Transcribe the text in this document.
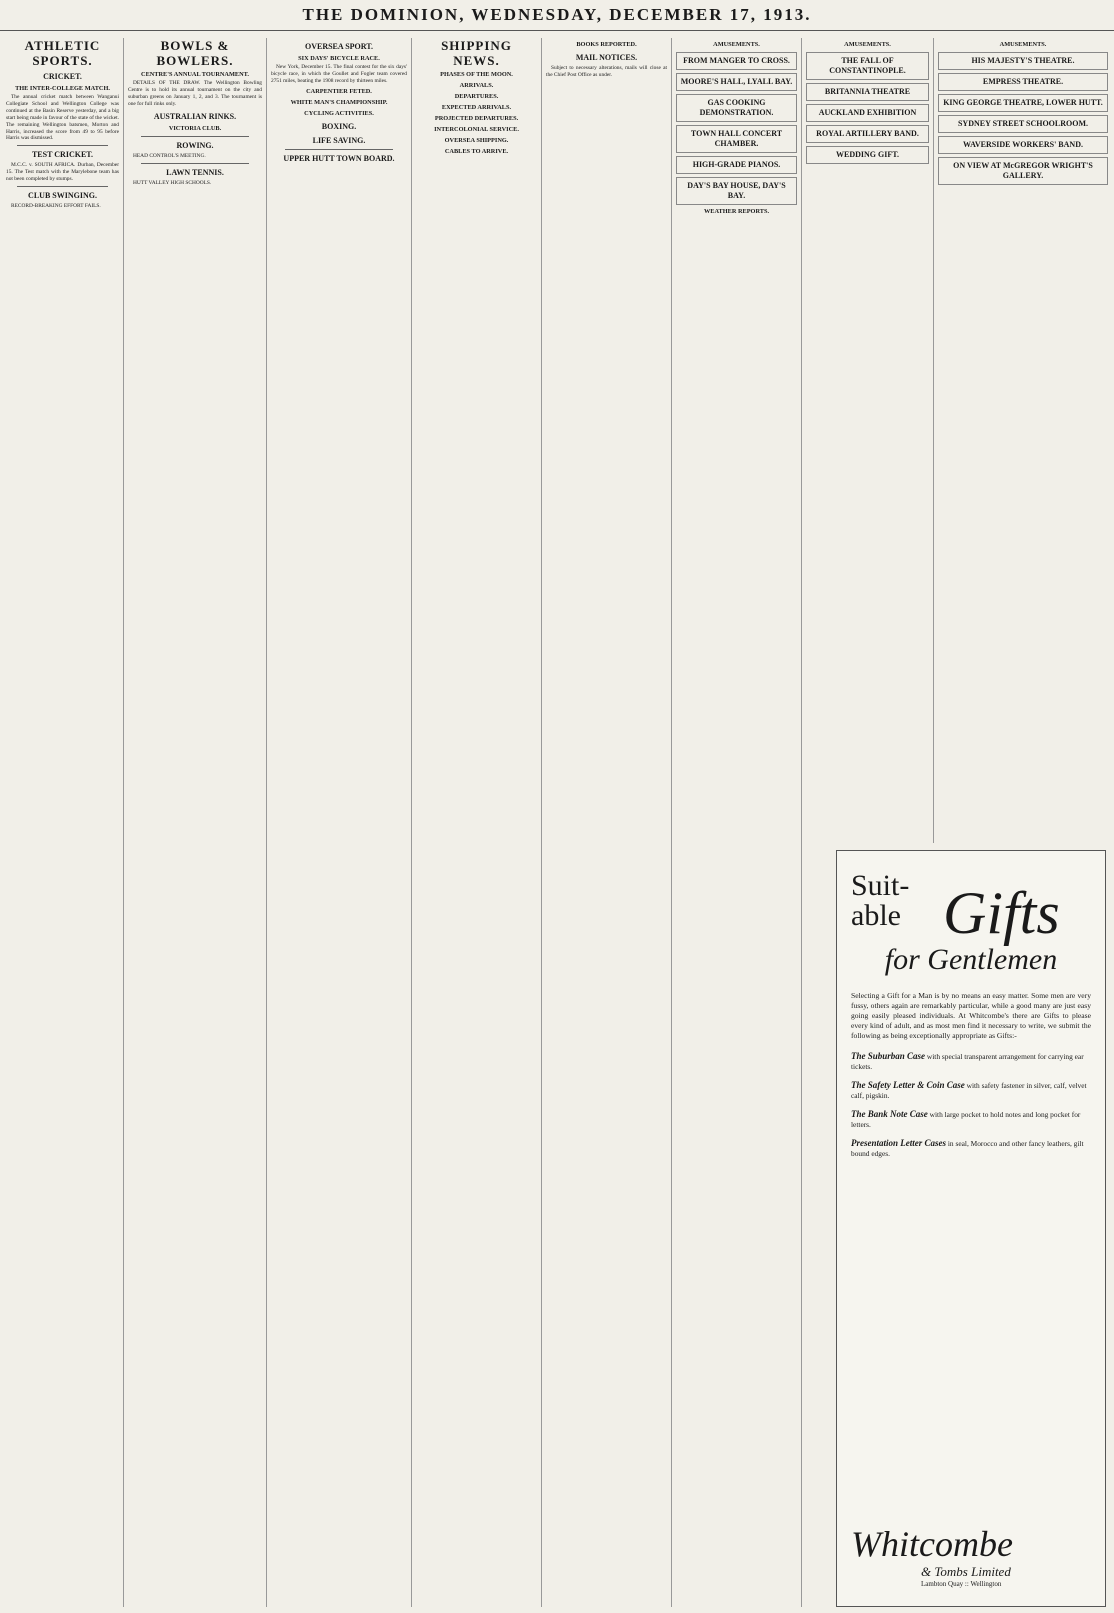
THE DOMINION, WEDNESDAY, DECEMBER 17, 1913.
ATHLETIC SPORTS.
CRICKET.
THE INTER-COLLEGE MATCH.

The annual cricket match between Wanganui Collegiate School and Wellington College was continued at the Basin Reserve yesterday, and a big start being made in favour of the state of the wicket. The remaining Wellington batsmen, Morton and Harris, increased the score from 49 to 95 before Harris was dismissed.

TEST CRICKET.

M.C.C. v. SOUTH AFRICA. Durban, December 15. The Test match with the Marylebone team has not been completed by stumps.

CLUB SWINGING.

RECORD-BREAKING EFFORT FAILS.

BOWLS & BOWLERS.
CENTRE'S ANNUAL TOURNAMENT.

DETAILS OF THE DRAW. The Wellington Bowling Centre is to hold its annual tournament on the city and suburban greens on January 1, 2, and 3. The tournament is one for full rinks only.

AUSTRALIAN RINKS.
VICTORIA CLUB.
ROWING.

HEAD CONTROL'S MEETING.

LAWN TENNIS.

HUTT VALLEY HIGH SCHOOLS.

OVERSEA SPORT.
SIX DAYS' BICYCLE RACE.

New York, December 15. The final contest for the six days' bicycle race, in which the Goullet and Fogler team covered 2751 miles, beating the 1908 record by thirteen miles.

CARPENTIER FETED.
WHITE MAN'S CHAMPIONSHIP.
CYCLING ACTIVITIES.
BOXING.
LIFE SAVING.
UPPER HUTT TOWN BOARD.
SHIPPING NEWS.
PHASES OF THE MOON.
ARRIVALS.
DEPARTURES.
EXPECTED ARRIVALS.
PROJECTED DEPARTURES.
INTERCOLONIAL SERVICE.
OVERSEA SHIPPING.
CABLES TO ARRIVE.
BOOKS REPORTED.
MAIL NOTICES.

Subject to necessary alterations, mails will close at the Chief Post Office as under.

AMUSEMENTS.
FROM MANGER TO CROSS.
MOORE'S HALL, LYALL BAY.
GAS COOKING DEMONSTRATION.
TOWN HALL CONCERT CHAMBER.
HIGH-GRADE PIANOS.
DAY'S BAY HOUSE, DAY'S BAY.
WEATHER REPORTS.
AMUSEMENTS.
THE FALL OF CONSTANTINOPLE.
BRITANNIA THEATRE
AUCKLAND EXHIBITION
ROYAL ARTILLERY BAND.
WEDDING GIFT.
AMUSEMENTS.
HIS MAJESTY'S THEATRE.
EMPRESS THEATRE.
KING GEORGE THEATRE, LOWER HUTT.
SYDNEY STREET SCHOOLROOM.
WAVERSIDE WORKERS' BAND.
ON VIEW AT McGREGOR WRIGHT'S GALLERY.
Suit-
able Gifts
for Gentlemen

Selecting a Gift for a Man is by no means an easy matter. Some men are very fussy, others again are remarkably particular, while a good many are just easy going easily pleased individuals. At Whitcombe's there are Gifts to please every kind of adult, and as most men find it necessary to write, we submit the following as being exceptionally appropriate as Gifts:-

The Suburban Case with special transparent arrangement for carrying ear tickets.
The Safety Letter & Coin Case with safety fastener in silver, calf, velvet calf, pigskin.
The Bank Note Case with large pocket to hold notes and long pocket for letters.
Presentation Letter Cases in seal, Morocco and other fancy leathers, gilt bound edges.
Whitcombe
& Tombs Limited
Lambton Quay :: Wellington
